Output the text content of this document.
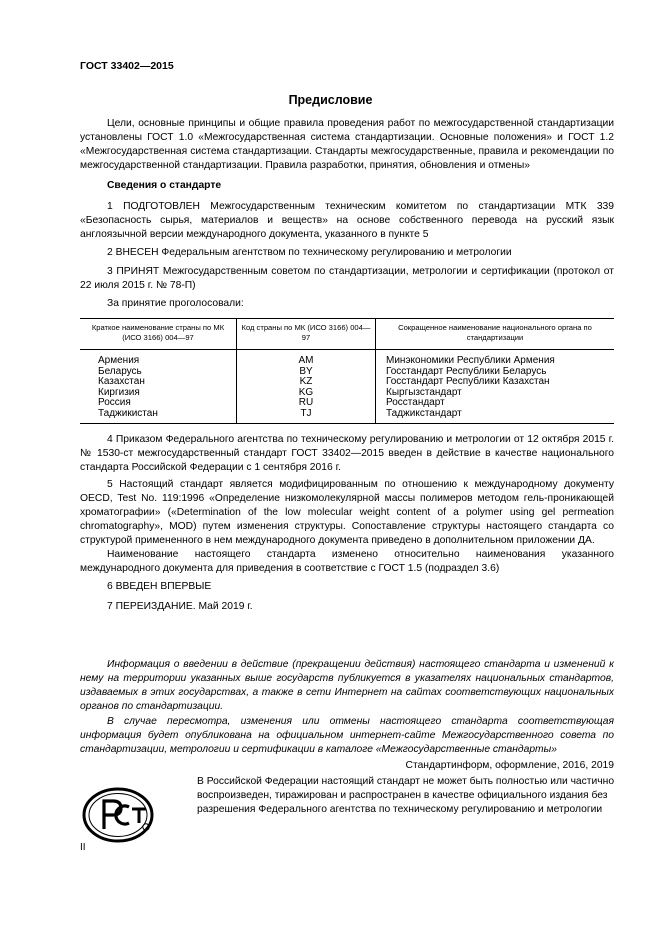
ГОСТ 33402—2015
Предисловие
Цели, основные принципы и общие правила проведения работ по межгосударственной стандартизации установлены ГОСТ 1.0 «Межгосударственная система стандартизации. Основные положения» и ГОСТ 1.2 «Межгосударственная система стандартизации. Стандарты межгосударственные, правила и рекомендации по межгосударственной стандартизации. Правила разработки, принятия, обновления и отмены»
Сведения о стандарте
1 ПОДГОТОВЛЕН Межгосударственным техническим комитетом по стандартизации МТК 339 «Безопасность сырья, материалов и веществ» на основе собственного перевода на русский язык англоязычной версии международного документа, указанного в пункте 5
2 ВНЕСЕН Федеральным агентством по техническому регулированию и метрологии
3 ПРИНЯТ Межгосударственным советом по стандартизации, метрологии и сертификации (протокол от 22 июля 2015 г. № 78-П)
За принятие проголосовали:
Краткое наименование страны по МК (ИСО 3166) 004—97	Код страны по МК (ИСО 3166) 004—97	Сокращенное наименование национального органа по стандартизации
Армения	AM	Минэкономики Республики Армения
Беларусь	BY	Госстандарт Республики Беларусь
Казахстан	KZ	Госстандарт Республики Казахстан
Киргизия	KG	Кыргызстандарт
Россия	RU	Росстандарт
Таджикистан	TJ	Таджикстандарт
4 Приказом Федерального агентства по техническому регулированию и метрологии от 12 октября 2015 г. № 1530-ст межгосударственный стандарт ГОСТ 33402—2015 введен в действие в качестве национального стандарта Российской Федерации с 1 сентября 2016 г.
5 Настоящий стандарт является модифицированным по отношению к международному документу OECD, Test No. 119:1996 «Определение низкомолекулярной массы полимеров методом гель-проникающей хроматографии» («Determination of the low molecular weight content of a polymer using gel permeation chromatography», MOD) путем изменения структуры. Сопоставление структуры настоящего стандарта со структурой примененного в нем международного документа приведено в дополнительном приложении ДА.
Наименование настоящего стандарта изменено относительно наименования указанного международного документа для приведения в соответствие с ГОСТ 1.5 (подраздел 3.6)
6 ВВЕДЕН ВПЕРВЫЕ
7 ПЕРЕИЗДАНИЕ. Май 2019 г.
Информация о введении в действие (прекращении действия) настоящего стандарта и изменений к нему на территории указанных выше государств публикуется в указателях национальных стандартов, издаваемых в этих государствах, а также в сети Интернет на сайтах соответствующих национальных органов по стандартизации.
В случае пересмотра, изменения или отмены настоящего стандарта соответствующая информация будет опубликована на официальном интернет-сайте Межгосударственного совета по стандартизации, метрологии и сертификации в каталоге «Межгосударственные стандарты»
Стандартинформ, оформление, 2016, 2019
В Российской Федерации настоящий стандарт не может быть полностью или частично воспроизведен, тиражирован и распространен в качестве официального издания без разрешения Федерального агентства по техническому регулированию и метрологии
II
